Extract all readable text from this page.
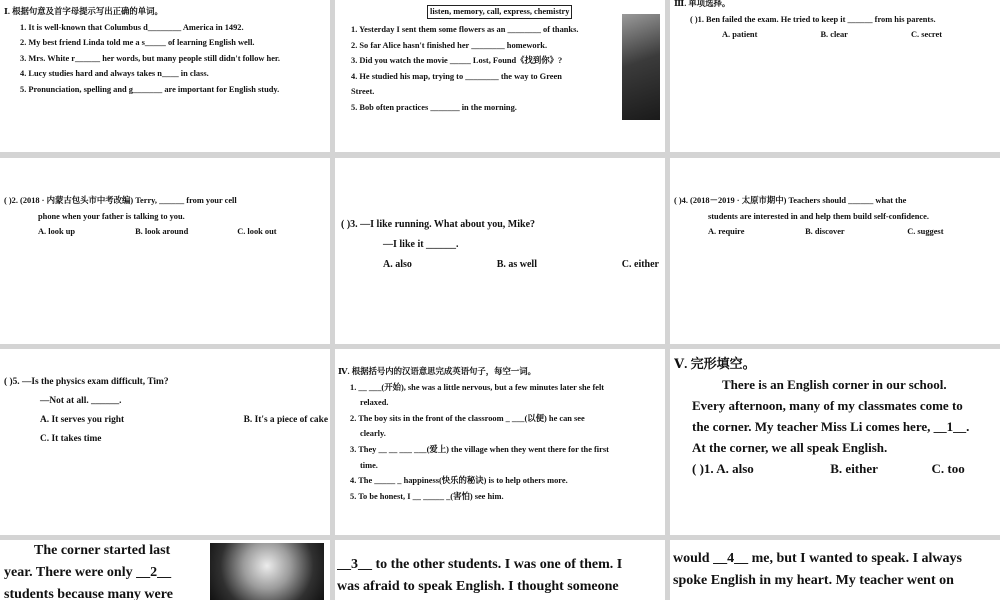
Ⅰ. 根据句意及首字母提示写出正确的单词。
1. It is well-known that Columbus d________ America in 1492.
2. My best friend Linda told me a s_____ of learning English well.
3. Mrs. White r______ her words, but many people still didn't follow her.
4. Lucy studies hard and always takes n____ in class.
5. Pronunciation, spelling and g_______ are important for English study.
listen, memory, call, express, chemistry
1. Yesterday I sent them some flowers as an ________ of thanks.
2. So far Alice hasn't finished her ________ homework.
3. Did you watch the movie _____ Lost, Found《找到你》?
4. He studied his map, trying to ________ the way to Green
Street.
5. Bob often practices _______ in the morning.
Ⅲ. 单项选择。
( )1. Ben failed the exam. He tried to keep it ______ from his parents.
A. patient	B. clear	C. secret
( )2. (2018 · 内蒙古包头市中考改编) Terry, ______ from your cell
phone when your father is talking to you.
A. look up	B. look around	C. look out
( )3. —I like running. What about you, Mike?
—I like it ______.
A. also	B. as well	C. either
( )4. (2018－2019 · 太原市期中) Teachers should ______ what the
students are interested in and help them build self-confidence.
A. require	B. discover	C. suggest
( )5. —Is the physics exam difficult, Tim?
—Not at all. ______.
A. It serves you right	B. It's a piece of cake
C. It takes time
Ⅳ. 根据括号内的汉语意思完成英语句子，每空一词。
1. __ ___(开始), she was a little nervous, but a few minutes later she felt
relaxed.
2. The boy sits in the front of the classroom _ ___(以便) he can see
clearly.
3. They __ __ ___ ___(爱上) the village when they went there for the first
time.
4. The _____ _ happiness(快乐的秘诀) is to help others more.
5. To be honest, I __ _____ _(害怕) see him.
Ⅴ. 完形填空。
There is an English corner in our school.
Every afternoon, many of my classmates come to
the corner. My teacher Miss Li comes here, __1__.
At the corner, we all speak English.
( )1. A. also	B. either	C. too
The corner started last
year. There were only __2__
students because many were
__3__ to the other students. I was one of them. I
was afraid to speak English. I thought someone
would __4__ me, but I wanted to speak. I always
spoke English in my heart. My teacher went on
